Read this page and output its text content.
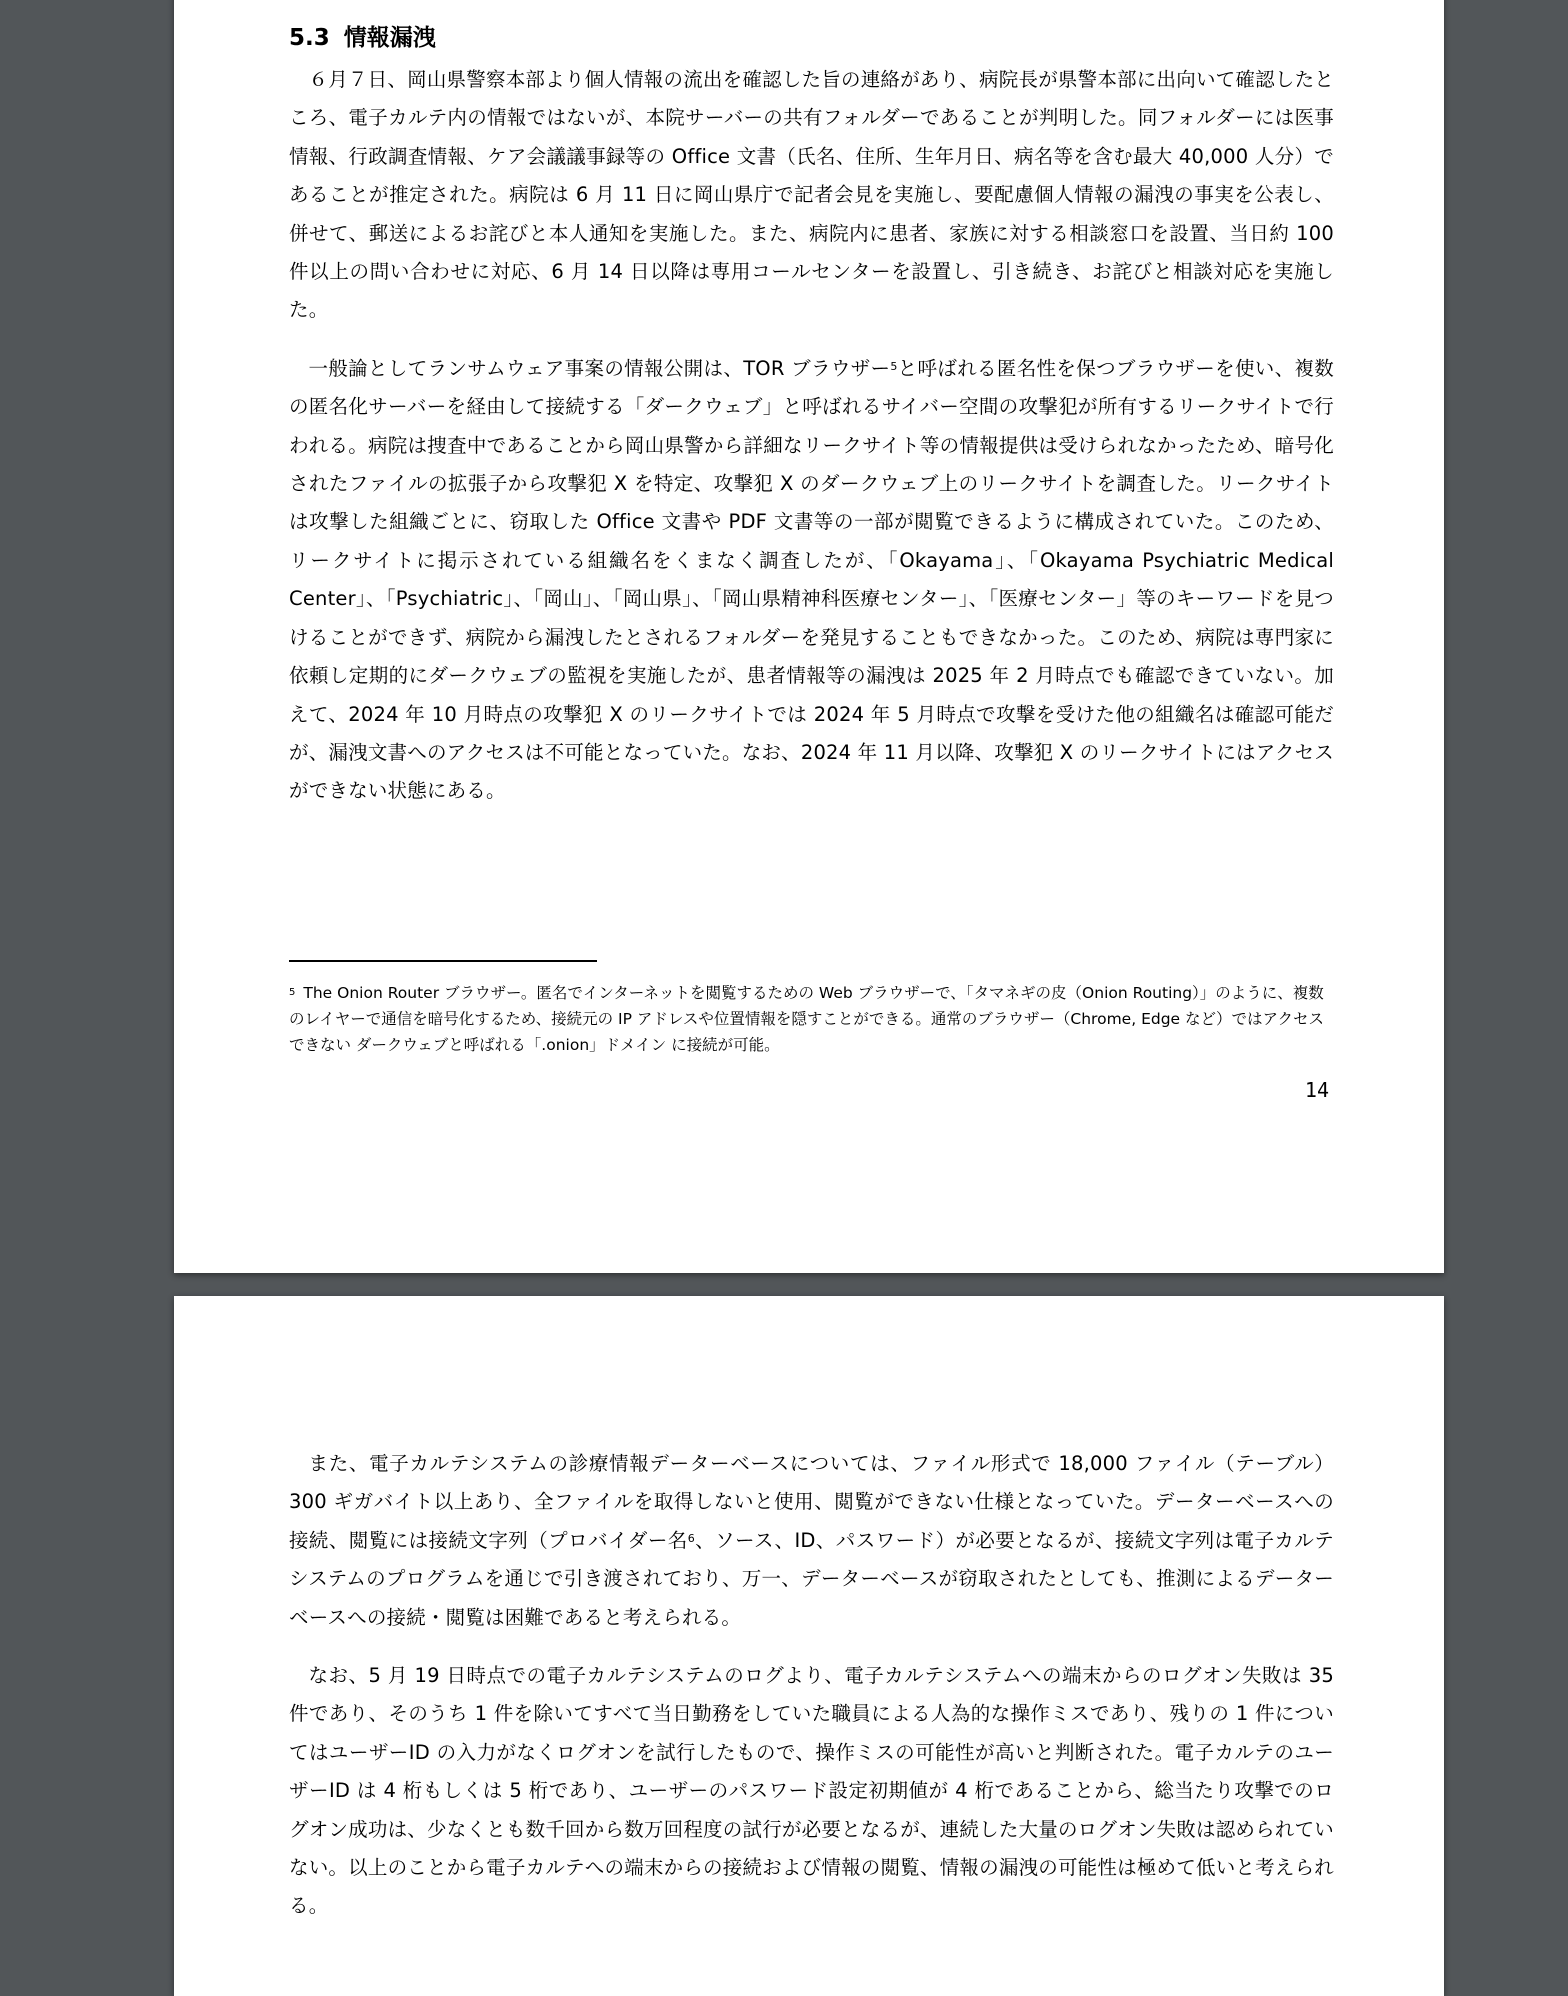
5.3 情報漏洩

６月７日、岡山県警察本部より個人情報の流出を確認した旨の連絡があり、病院長が県警本部に出向いて確認したところ、電子カルテ内の情報ではないが、本院サーバーの共有フォルダーであることが判明した。同フォルダーには医事情報、行政調査情報、ケア会議議事録等の Office 文書（氏名、住所、生年月日、病名等を含む最大 40,000 人分）であることが推定された。病院は 6 月 11 日に岡山県庁で記者会見を実施し、要配慮個人情報の漏洩の事実を公表し、併せて、郵送によるお詫びと本人通知を実施した。また、病院内に患者、家族に対する相談窓口を設置、当日約 100 件以上の問い合わせに対応、6 月 14 日以降は専用コールセンターを設置し、引き続き、お詫びと相談対応を実施した。

一般論としてランサムウェア事案の情報公開は、TOR ブラウザー$^5$と呼ばれる匿名性を保つブラウザーを使い、複数の匿名化サーバーを経由して接続する「ダークウェブ」と呼ばれるサイバー空間の攻撃犯が所有するリークサイトで行われる。病院は捜査中であることから岡山県警から詳細なリークサイト等の情報提供は受けられなかったため、暗号化されたファイルの拡張子から攻撃犯 X を特定、攻撃犯 X のダークウェブ上のリークサイトを調査した。リークサイトは攻撃した組織ごとに、窃取した Office 文書や PDF 文書等の一部が閲覧できるように構成されていた。このため、リークサイトに掲示されている組織名をくまなく調査したが、「Okayama」、「Okayama Psychiatric Medical Center」、「Psychiatric」、「岡山」、「岡山県」、「岡山県精神科医療センター」、「医療センター」等のキーワードを見つけることができず、病院から漏洩したとされるフォルダーを発見することもできなかった。このため、病院は専門家に依頼し定期的にダークウェブの監視を実施したが、患者情報等の漏洩は 2025 年 2 月時点でも確認できていない。加えて、2024 年 10 月時点の攻撃犯 X のリークサイトでは 2024 年 5 月時点で攻撃を受けた他の組織名は確認可能だが、漏洩文書へのアクセスは不可能となっていた。なお、2024 年 11 月以降、攻撃犯 X のリークサイトにはアクセスができない状態にある。

$^5$ The Onion Router ブラウザー。匿名でインターネットを閲覧するための Web ブラウザーで、「タマネギの皮（Onion Routing）」のように、複数のレイヤーで通信を暗号化するため、接続元の IP アドレスや位置情報を隠すことができる。通常のブラウザー（Chrome, Edge など）ではアクセスできない ダークウェブと呼ばれる「.onion」ドメイン に接続が可能。

14

また、電子カルテシステムの診療情報データーベースについては、ファイル形式で 18,000 ファイル（テーブル）300 ギガバイト以上あり、全ファイルを取得しないと使用、閲覧ができない仕様となっていた。データーベースへの接続、閲覧には接続文字列（プロバイダー名$^6$、ソース、ID、パスワード）が必要となるが、接続文字列は電子カルテシステムのプログラムを通じで引き渡されており、万一、データーベースが窃取されたとしても、推測によるデーターベースへの接続・閲覧は困難であると考えられる。

なお、5 月 19 日時点での電子カルテシステムのログより、電子カルテシステムへの端末からのログオン失敗は 35 件であり、そのうち 1 件を除いてすべて当日勤務をしていた職員による人為的な操作ミスであり、残りの 1 件についてはユーザーID の入力がなくログオンを試行したもので、操作ミスの可能性が高いと判断された。電子カルテのユーザーID は 4 桁もしくは 5 桁であり、ユーザーのパスワード設定初期値が 4 桁であることから、総当たり攻撃でのログオン成功は、少なくとも数千回から数万回程度の試行が必要となるが、連続した大量のログオン失敗は認められていない。以上のことから電子カルテへの端末からの接続および情報の閲覧、情報の漏洩の可能性は極めて低いと考えられる。
